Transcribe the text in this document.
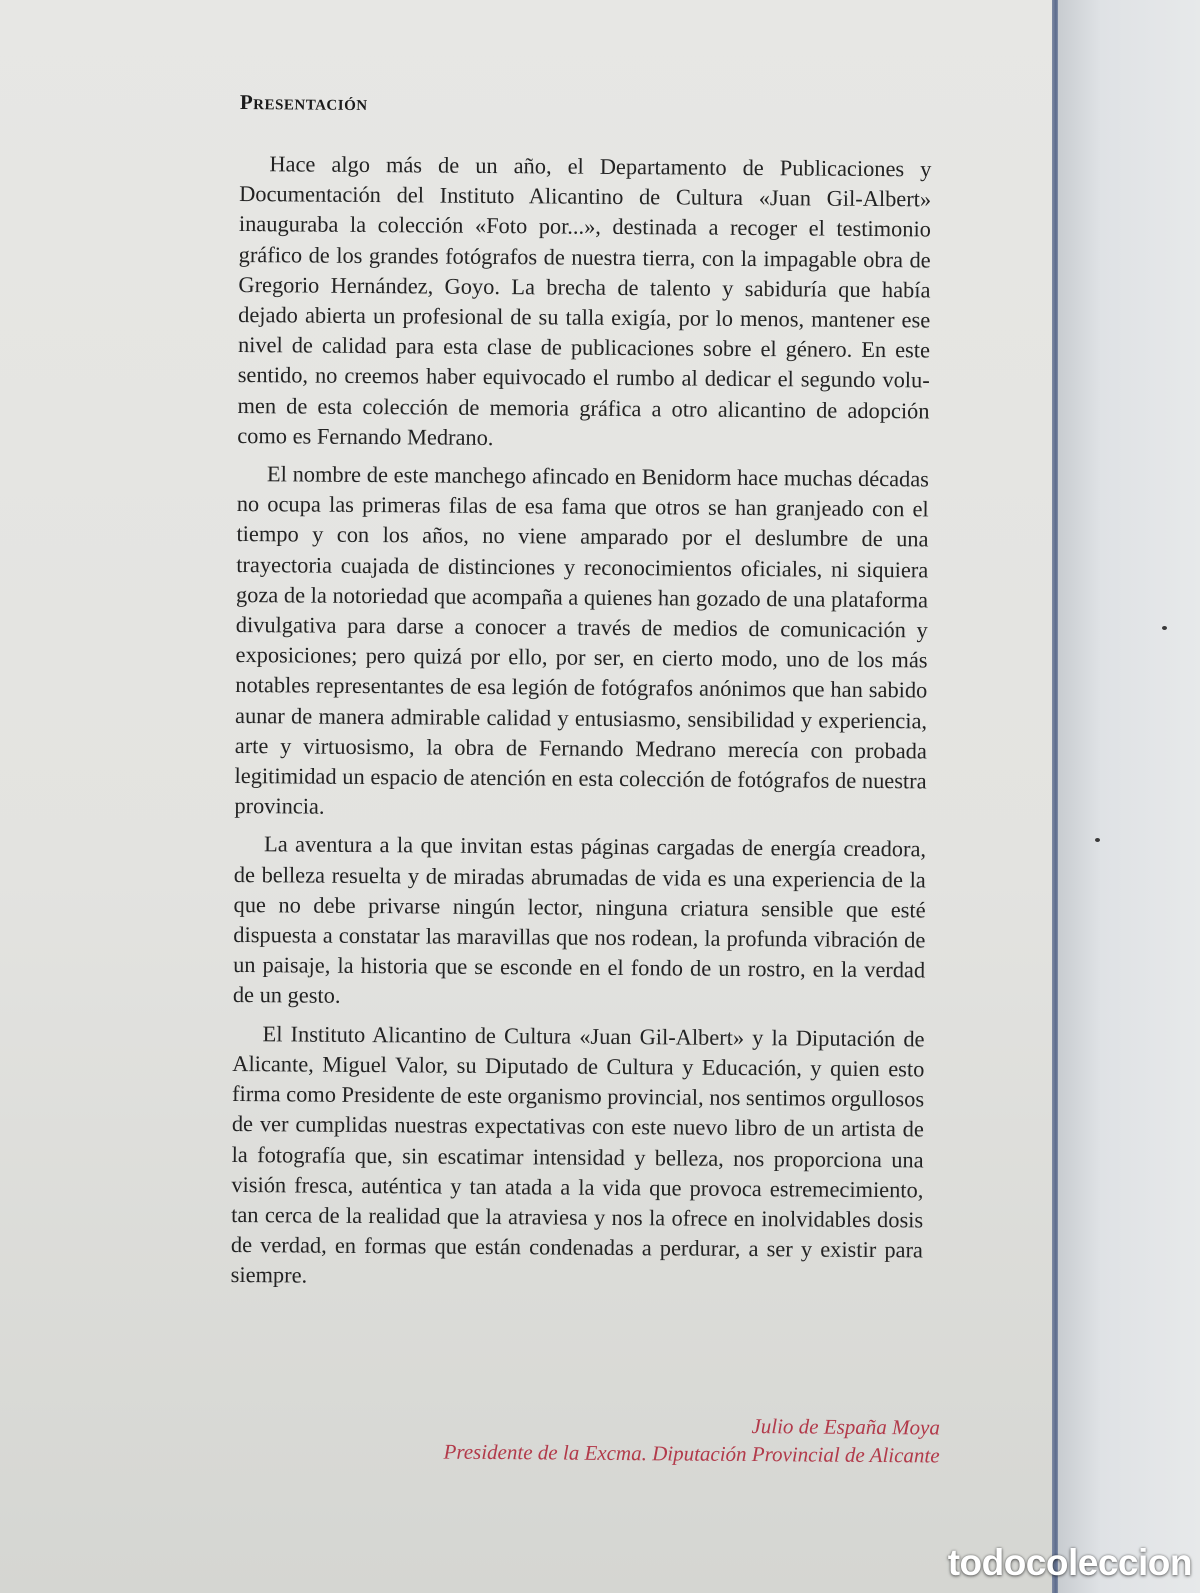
Presentación

Hace algo más de un año, el Departamento de Publicaciones y Documentación del Instituto Alicantino de Cultura «Juan Gil-Albert» inauguraba la colección «Foto por...», destinada a recoger el testimonio gráfico de los grandes fotógrafos de nuestra tierra, con la impagable obra de Gregorio Hernández, Goyo. La brecha de talento y sabiduría que había dejado abierta un profesional de su talla exigía, por lo menos, mantener ese nivel de calidad para esta clase de publicaciones sobre el género. En este sentido, no creemos haber equivocado el rumbo al dedicar el segundo volumen de esta colección de memoria gráfica a otro alicantino de adopción como es Fernando Medrano.

El nombre de este manchego afincado en Benidorm hace muchas décadas no ocupa las primeras filas de esa fama que otros se han granjeado con el tiempo y con los años, no viene amparado por el deslumbre de una trayectoria cuajada de distinciones y reconocimientos oficiales, ni siquiera goza de la notoriedad que acompaña a quienes han gozado de una plataforma divulgativa para darse a conocer a través de medios de comunicación y exposiciones; pero quizá por ello, por ser, en cierto modo, uno de los más notables representantes de esa legión de fotógrafos anónimos que han sabido aunar de manera admirable calidad y entusiasmo, sensibilidad y experiencia, arte y virtuosismo, la obra de Fernando Medrano merecía con probada legitimidad un espacio de atención en esta colección de fotógrafos de nuestra provincia.

La aventura a la que invitan estas páginas cargadas de energía creadora, de belleza resuelta y de miradas abrumadas de vida es una experiencia de la que no debe privarse ningún lector, ninguna criatura sensible que esté dispuesta a constatar las maravillas que nos rodean, la profunda vibración de un paisaje, la historia que se esconde en el fondo de un rostro, en la verdad de un gesto.

El Instituto Alicantino de Cultura «Juan Gil-Albert» y la Diputación de Alicante, Miguel Valor, su Diputado de Cultura y Educación, y quien esto firma como Presidente de este organismo provincial, nos sentimos orgullosos de ver cumplidas nuestras expectativas con este nuevo libro de un artista de la fotografía que, sin escatimar intensidad y belleza, nos proporciona una visión fresca, auténtica y tan atada a la vida que provoca estremecimiento, tan cerca de la realidad que la atraviesa y nos la ofrece en inolvidables dosis de verdad, en formas que están condenadas a perdurar, a ser y existir para siempre.

Julio de España Moya
Presidente de la Excma. Diputación Provincial de Alicante
todocoleccion
